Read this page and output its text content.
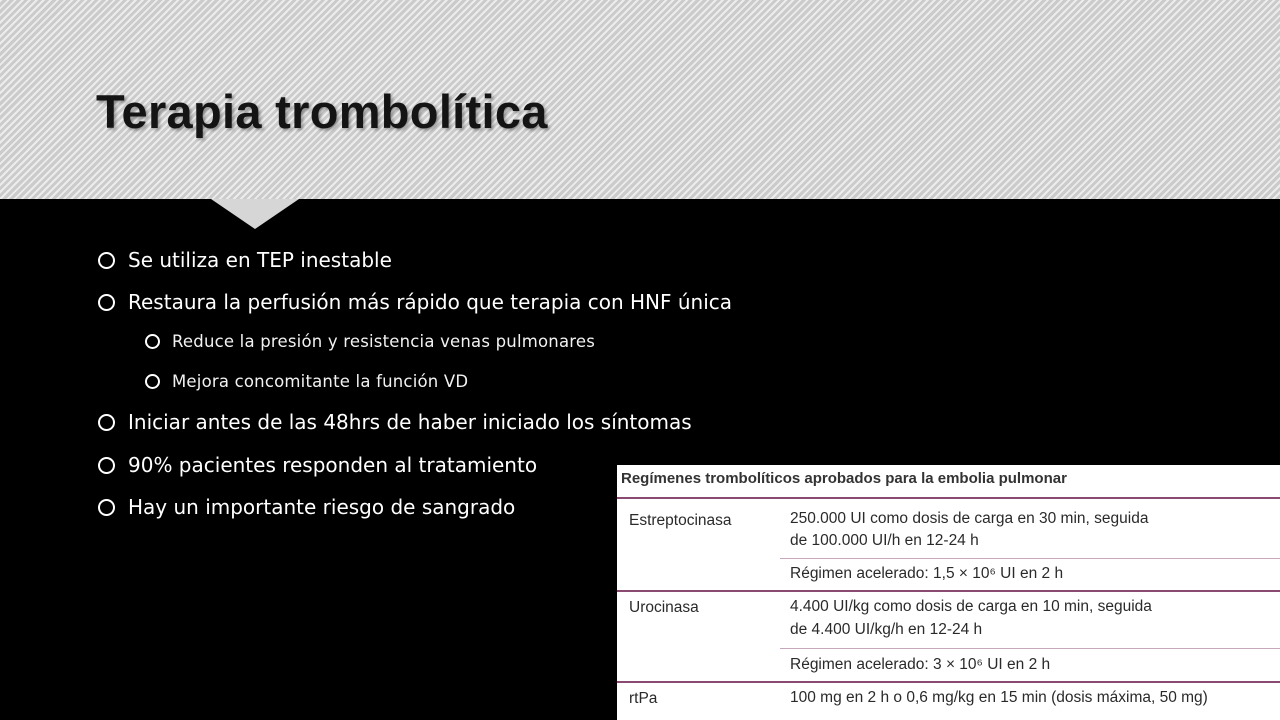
Terapia trombolítica
Se utiliza en TEP inestable
Restaura la perfusión más rápido que terapia con HNF única
Reduce la presión y resistencia venas pulmonares
Mejora concomitante la función VD
Iniciar antes de las 48hrs de haber iniciado los síntomas
90% pacientes responden al tratamiento
Hay un importante riesgo de sangrado
Regímenes trombolíticos aprobados para la embolia pulmonar
Estreptocinasa	250.000 UI como dosis de carga en 30 min, seguida
de 100.000 UI/h en 12-24 h
Régimen acelerado: 1,5 × 10⁶ UI en 2 h
Urocinasa	4.400 UI/kg como dosis de carga en 10 min, seguida
de 4.400 UI/kg/h en 12-24 h
Régimen acelerado: 3 × 10⁶ UI en 2 h
rtPa	100 mg en 2 h o 0,6 mg/kg en 15 min (dosis máxima, 50 mg)
